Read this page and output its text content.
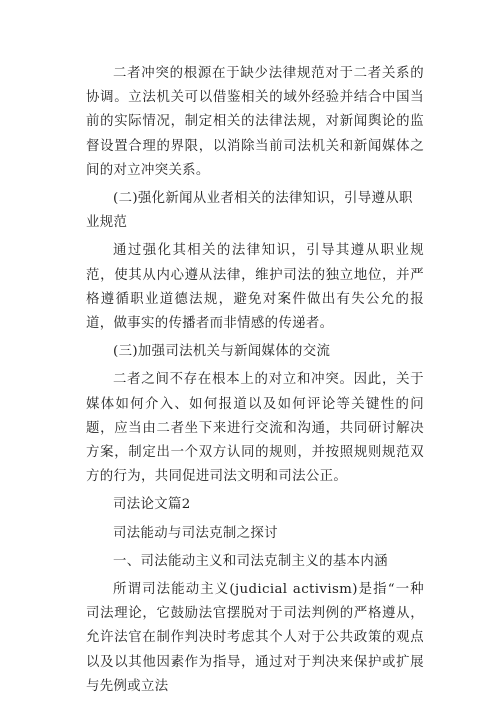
二者冲突的根源在于缺少法律规范对于二者关系的协调。立法机关可以借鉴相关的域外经验并结合中国当前的实际情况，制定相关的法律法规，对新闻舆论的监督设置合理的界限，以消除当前司法机关和新闻媒体之间的对立冲突关系。

(二)强化新闻从业者相关的法律知识，引导遵从职业规范

通过强化其相关的法律知识，引导其遵从职业规范，使其从内心遵从法律，维护司法的独立地位，并严格遵循职业道德法规，避免对案件做出有失公允的报道，做事实的传播者而非情感的传递者。

(三)加强司法机关与新闻媒体的交流

二者之间不存在根本上的对立和冲突。因此，关于媒体如何介入、如何报道以及如何评论等关键性的问题，应当由二者坐下来进行交流和沟通，共同研讨解决方案，制定出一个双方认同的规则，并按照规则规范双方的行为，共同促进司法文明和司法公正。

司法论文篇2

司法能动与司法克制之探讨

一、司法能动主义和司法克制主义的基本内涵

所谓司法能动主义(judicial activism)是指“一种司法理论，它鼓励法官摆脱对于司法判例的严格遵从，允许法官在制作判决时考虑其个人对于公共政策的观点以及以其他因素作为指导，通过对于判决来保护或扩展与先例或立法
